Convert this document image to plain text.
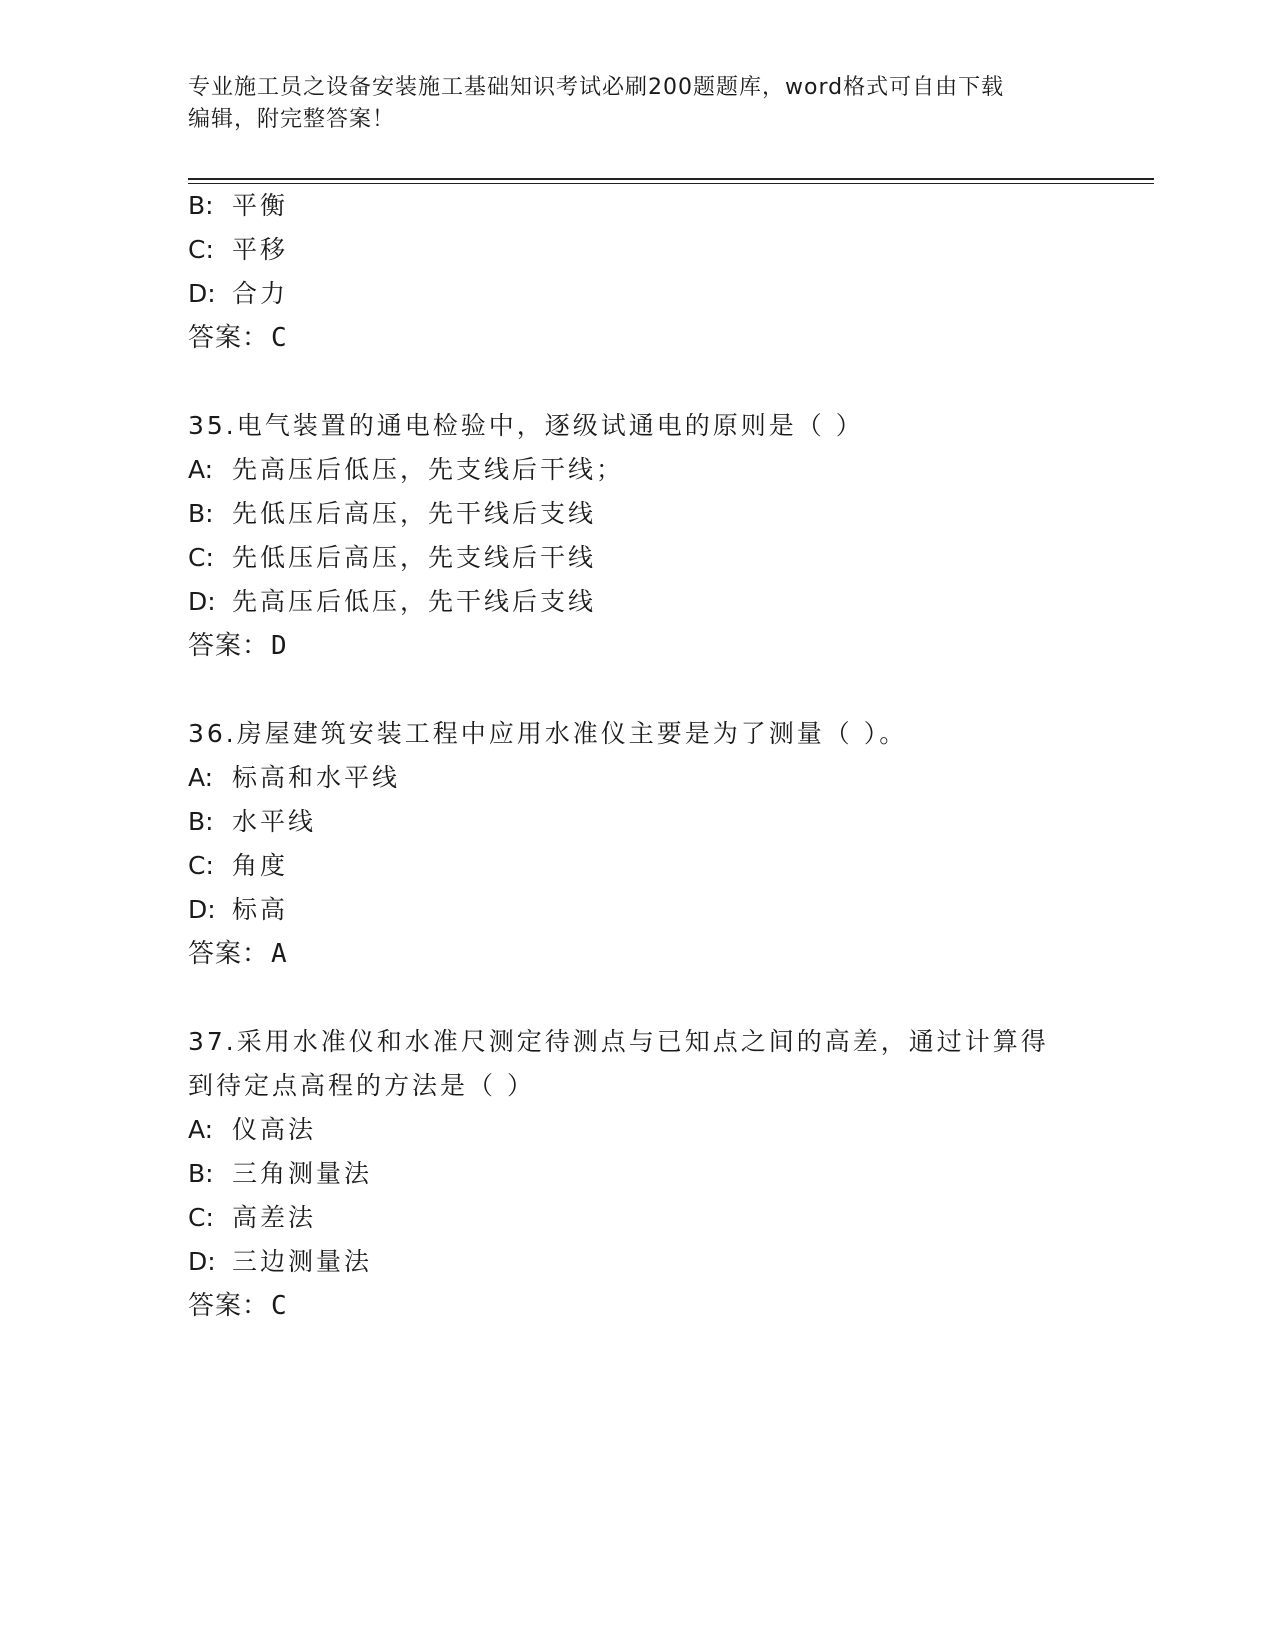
专业施工员之设备安装施工基础知识考试必刷200题题库，word格式可自由下载
编辑，附完整答案！
B: 平衡
C: 平移
D: 合力
答案：C
35.电气装置的通电检验中，逐级试通电的原则是（ ）
A: 先高压后低压，先支线后干线；
B: 先低压后高压，先干线后支线
C: 先低压后高压，先支线后干线
D: 先高压后低压，先干线后支线
答案：D
36.房屋建筑安装工程中应用水准仪主要是为了测量（ ）。
A: 标高和水平线
B: 水平线
C: 角度
D: 标高
答案：A
37.采用水准仪和水准尺测定待测点与已知点之间的高差，通过计算得
到待定点高程的方法是（ ）
A: 仪高法
B: 三角测量法
C: 高差法
D: 三边测量法
答案：C
